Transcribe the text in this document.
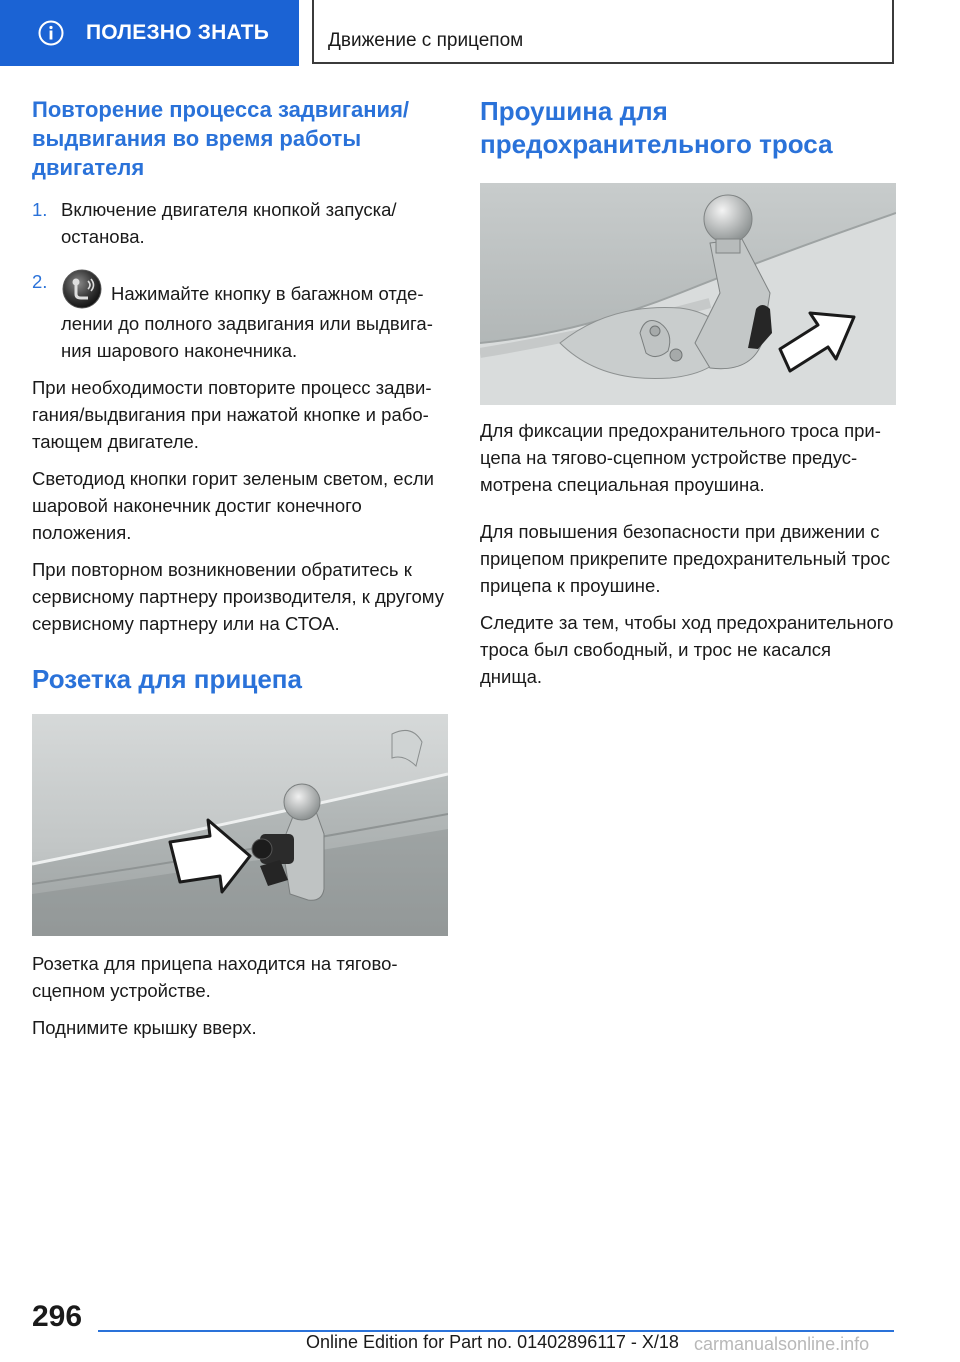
ПОЛЕЗНО ЗНАТЬ	Движение с прицепом
Повторение процесса задвигания/ выдвигания во время работы двигателя
1. Включение двигателя кнопкой запуска/ останова.
2.
Нажимайте кнопку в багажном отделении до полного задвигания или выдвигания шарового наконечника.

При необходимости повторите процесс задвигания/выдвигания при нажатой кнопке и работающем двигателе.

Светодиод кнопки горит зеленым светом, если шаровой наконечник достиг конечного положения.

При повторном возникновении обратитесь к сервисному партнеру производителя, к другому сервисному партнеру или на СТОА.

Розетка для прицепа

Розетка для прицепа находится на тягово-сцепном устройстве.

Поднимите крышку вверх.

Проушина для предохранительного троса

Для фиксации предохранительного троса прицепа на тягово-сцепном устройстве предусмотрена специальная проушина.

Для повышения безопасности при движении с прицепом прикрепите предохранительный трос прицепа к проушине.

Следите за тем, чтобы ход предохранительного троса был свободный, и трос не касался днища.

296
Online Edition for Part no. 01402896117 - X/18 carmanualsonline.info
